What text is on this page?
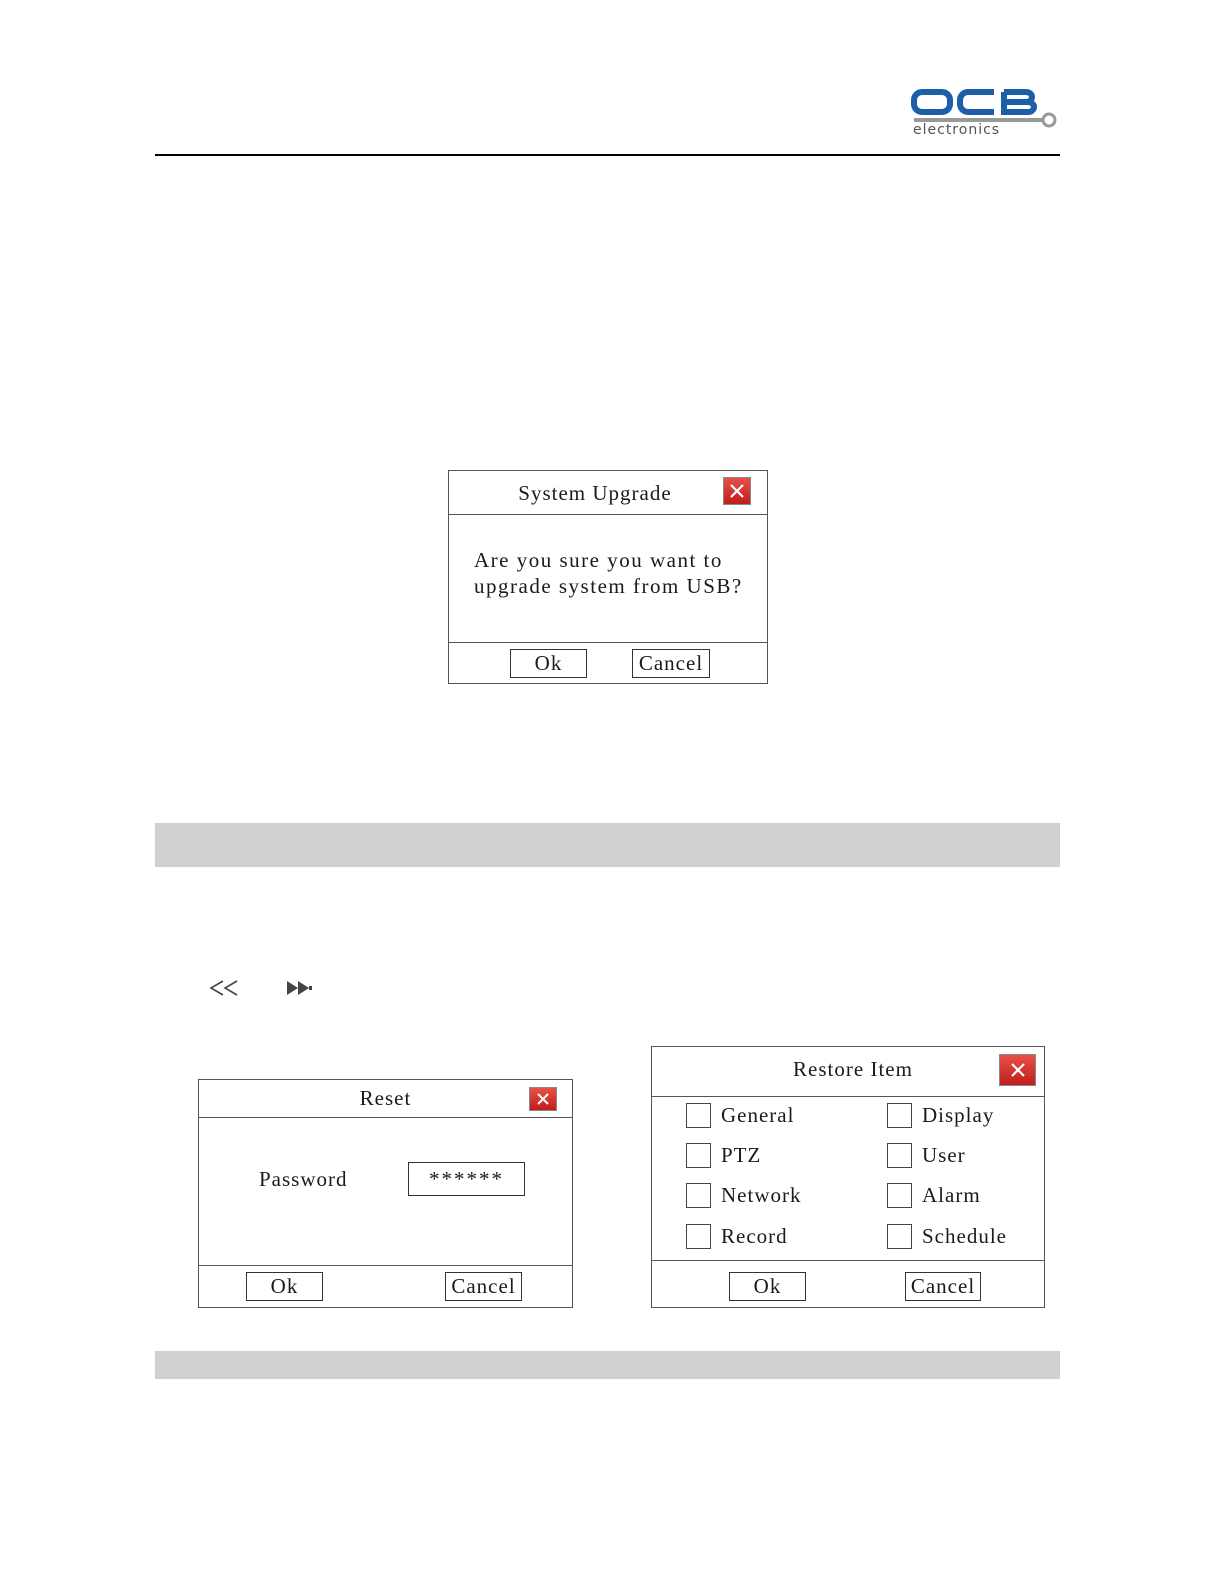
electronics
System Upgrade
Are you sure you want to
upgrade system from USB?
Ok	Cancel
Reset
Password
******
Ok	Cancel
Restore Item
General	Display
PTZ	User
Network	Alarm
Record	Schedule
Ok	Cancel
